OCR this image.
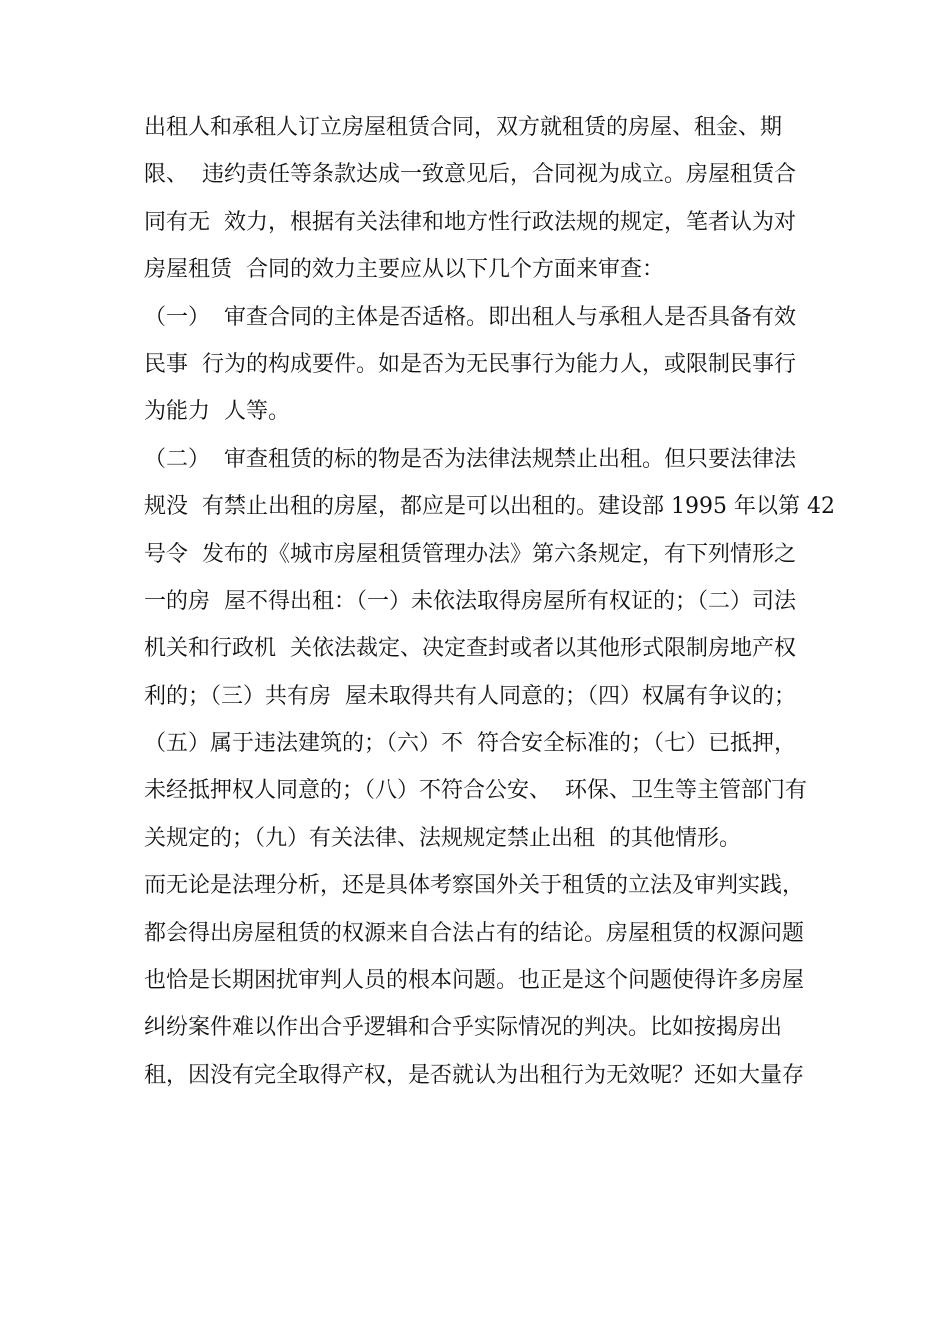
出租人和承租人订立房屋租赁合同，双方就租赁的房屋、租金、期

限、  违约责任等条款达成一致意见后，合同视为成立。房屋租赁合

同有无  效力，根据有关法律和地方性行政法规的规定，笔者认为对

房屋租赁  合同的效力主要应从以下几个方面来审查：

（一）  审查合同的主体是否适格。即出租人与承租人是否具备有效

民事  行为的构成要件。如是否为无民事行为能力人，或限制民事行

为能力  人等。

（二）  审查租赁的标的物是否为法律法规禁止出租。但只要法律法

规没  有禁止出租的房屋，都应是可以出租的。建设部 1995 年以第 42

号令  发布的《城市房屋租赁管理办法》第六条规定，有下列情形之

一的房  屋不得出租：（一）未依法取得房屋所有权证的；（二）司法

机关和行政机  关依法裁定、决定查封或者以其他形式限制房地产权

利的；（三）共有房  屋未取得共有人同意的；（四）权属有争议的；

（五）属于违法建筑的；（六）不  符合安全标准的；（七）已抵押，

未经抵押权人同意的；（八）不符合公安、  环保、卫生等主管部门有

关规定的；（九）有关法律、法规规定禁止出租  的其他情形。

而无论是法理分析，还是具体考察国外关于租赁的立法及审判实践，

都会得出房屋租赁的权源来自合法占有的结论。房屋租赁的权源问题

也恰是长期困扰审判人员的根本问题。也正是这个问题使得许多房屋

纠纷案件难以作出合乎逻辑和合乎实际情况的判决。比如按揭房出

租，因没有完全取得产权，是否就认为出租行为无效呢？还如大量存
